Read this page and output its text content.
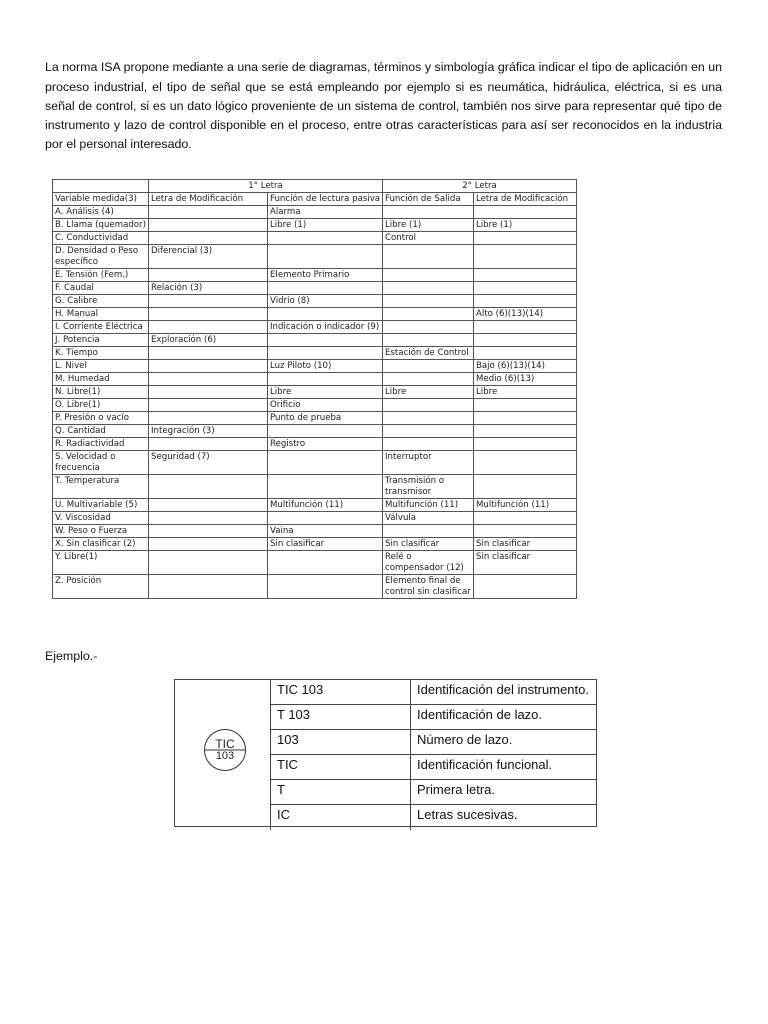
La norma ISA propone mediante a una serie de diagramas, términos y simbología gráfica indicar el tipo de aplicación en un proceso industrial, el tipo de señal que se está empleando por ejemplo si es neumática, hidráulica, eléctrica, si es una señal de control, si es un dato lógico proveniente de un sistema de control, también nos sirve para representar qué tipo de instrumento y lazo de control disponible en el proceso, entre otras características para así ser reconocidos en la industria por el personal interesado.

	1° Letra		2° Letra	
Variable medida(3)	Letra de Modificación	Función de lectura pasiva	Función de Salida	Letra de Modificación
A. Análisis (4)		Alarma		
B. Llama (quemador)		Libre (1)	Libre (1)	Libre (1)
C. Conductividad			Control	
D. Densidad o Peso específico	Diferencial (3)			
E. Tensión (Fem.)		Elemento Primario		
F. Caudal	Relación (3)			
G. Calibre		Vidrio (8)		
H. Manual				Alto (6)(13)(14)
I. Corriente Eléctrica		Indicación o indicador (9)		
J. Potencia	Exploración (6)			
K. Tiempo			Estación de Control	
L. Nivel		Luz Piloto (10)		Bajo (6)(13)(14)
M. Humedad				Medio (6)(13)
N. Libre(1)		Libre	Libre	Libre
O. Libre(1)		Orificio		
P. Presión o vacío		Punto de prueba		
Q. Cantidad	Integración (3)			
R. Radiactividad		Registro		
S. Velocidad o frecuencia	Seguridad (7)		Interruptor	
T. Temperatura			Transmisión o transmisor	
U. Multivariable (5)		Multifunción (11)	Multifunción (11)	Multifunción (11)
V. Viscosidad			Válvula	
W. Peso o Fuerza		Vaina		
X. Sin clasificar (2)		Sin clasificar	Sin clasificar	Sin clasificar
Y. Libre(1)			Relé o compensador (12)	Sin clasificar
Z. Posición			Elemento final de control sin clasificar	
Ejemplo.-
TIC
103
TIC 103	Identificación del instrumento.
T 103	Identificación de lazo.
103	Número de lazo.
TIC	Identificación funcional.
T	Primera letra.
IC	Letras sucesivas.
